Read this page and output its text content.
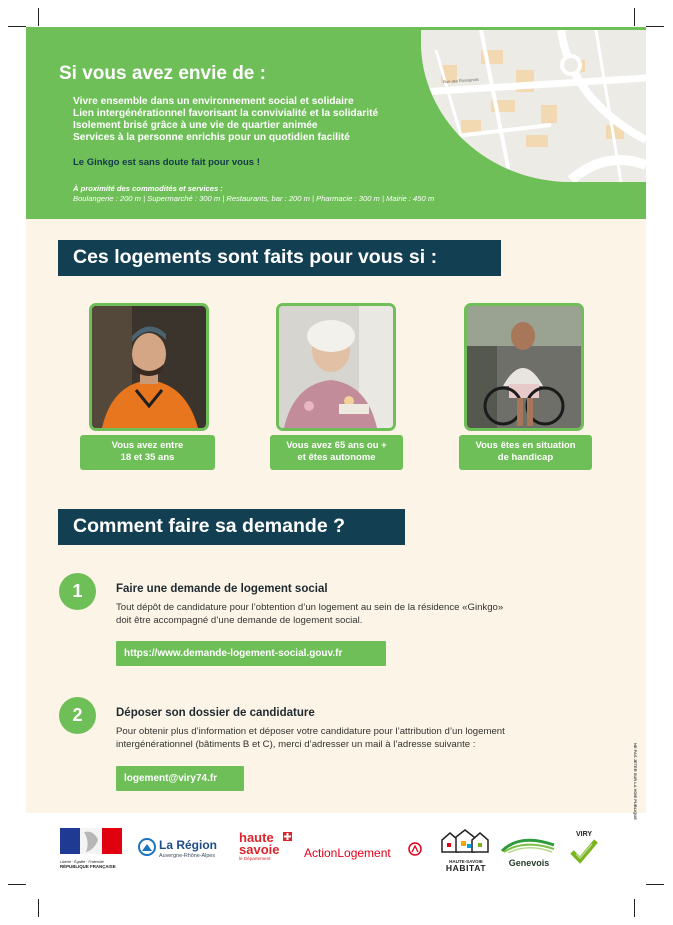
Rue des Rossignols
Si vous avez envie de :
Vivre ensemble dans un environnement social et solidaire
Lien intergénérationnel favorisant la convivialité et la solidarité
Isolement brisé grâce à une vie de quartier animée
Services à la personne enrichis pour un quotidien facilité

Le Ginkgo est sans doute fait pour vous !

À proximité des commodités et services :

Boulangerie : 200 m | Supermarché : 300 m | Restaurants, bar : 200 m | Pharmacie : 300 m | Mairie : 450 m

Ces logements sont faits pour vous si :
Vous avez entre
18 et 35 ans
Vous avez 65 ans ou +
et êtes autonome
Vous êtes en situation
de handicap
Comment faire sa demande ?
1	Faire une demande de logement social

Tout dépôt de candidature pour l’obtention d’un logement au sein de la résidence «Ginkgo»

doit être accompagné d’une demande de logement social.

https://www.demande-logement-social.gouv.fr
2	Déposer son dossier de candidature

Pour obtenir plus d’information et déposer votre candidature pour l’attribution d’un logement

intergénérationnel (bâtiments B et C), merci d’adresser un mail à l’adresse suivante :

logement@viry74.fr	NE PAS JETER SUR LA VOIE PUBLIQUE
Liberté · Égalité · Fraternité
RÉPUBLIQUE FRANÇAISE
La Région
Auvergne-Rhône-Alpes
haute
savoie
le Département	ActionLogement
HAUTE-SAVOIE
HABITAT	Genevois
VIRY
